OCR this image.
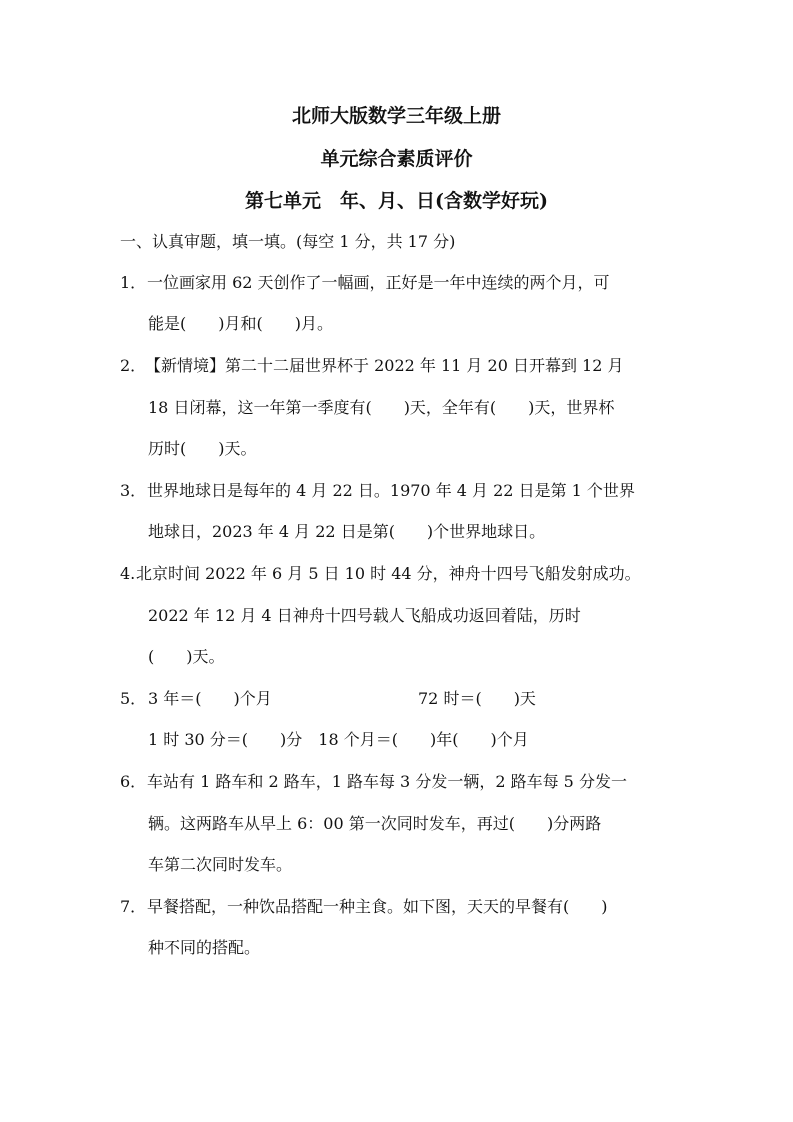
北师大版数学三年级上册
单元综合素质评价
第七单元　年、月、日(含数学好玩)
一、认真审题，填一填。(每空 1 分，共 17 分)
1． 一位画家用 62 天创作了一幅画，正好是一年中连续的两个月，可
能是(　　)月和(　　)月。
2．
【新情境】第二十二届世界杯于 2022 年 11 月 20 日开幕到 12 月
18 日闭幕，这一年第一季度有(　　)天，全年有(　　)天，世界杯
历时(　　)天。
3． 世界地球日是每年的 4 月 22 日。1970 年 4 月 22 日是第 1 个世界
地球日，2023 年 4 月 22 日是第(　　)个世界地球日。
4. 北京时间 2022 年 6 月 5 日 10 时 44 分，神舟十四号飞船发射成功。
2022 年 12 月 4 日神舟十四号载人飞船成功返回着陆，历时
(　　)天。
5． 3 年＝(　　)个月	72 时＝(　　)天
1 时 30 分＝(　　)分　18 个月＝(　　)年(　　)个月
6． 车站有 1 路车和 2 路车，1 路车每 3 分发一辆，2 路车每 5 分发一
辆。这两路车从早上 6：00 第一次同时发车，再过(　　)分两路
车第二次同时发车。
7． 早餐搭配，一种饮品搭配一种主食。如下图，天天的早餐有(　　)
种不同的搭配。
